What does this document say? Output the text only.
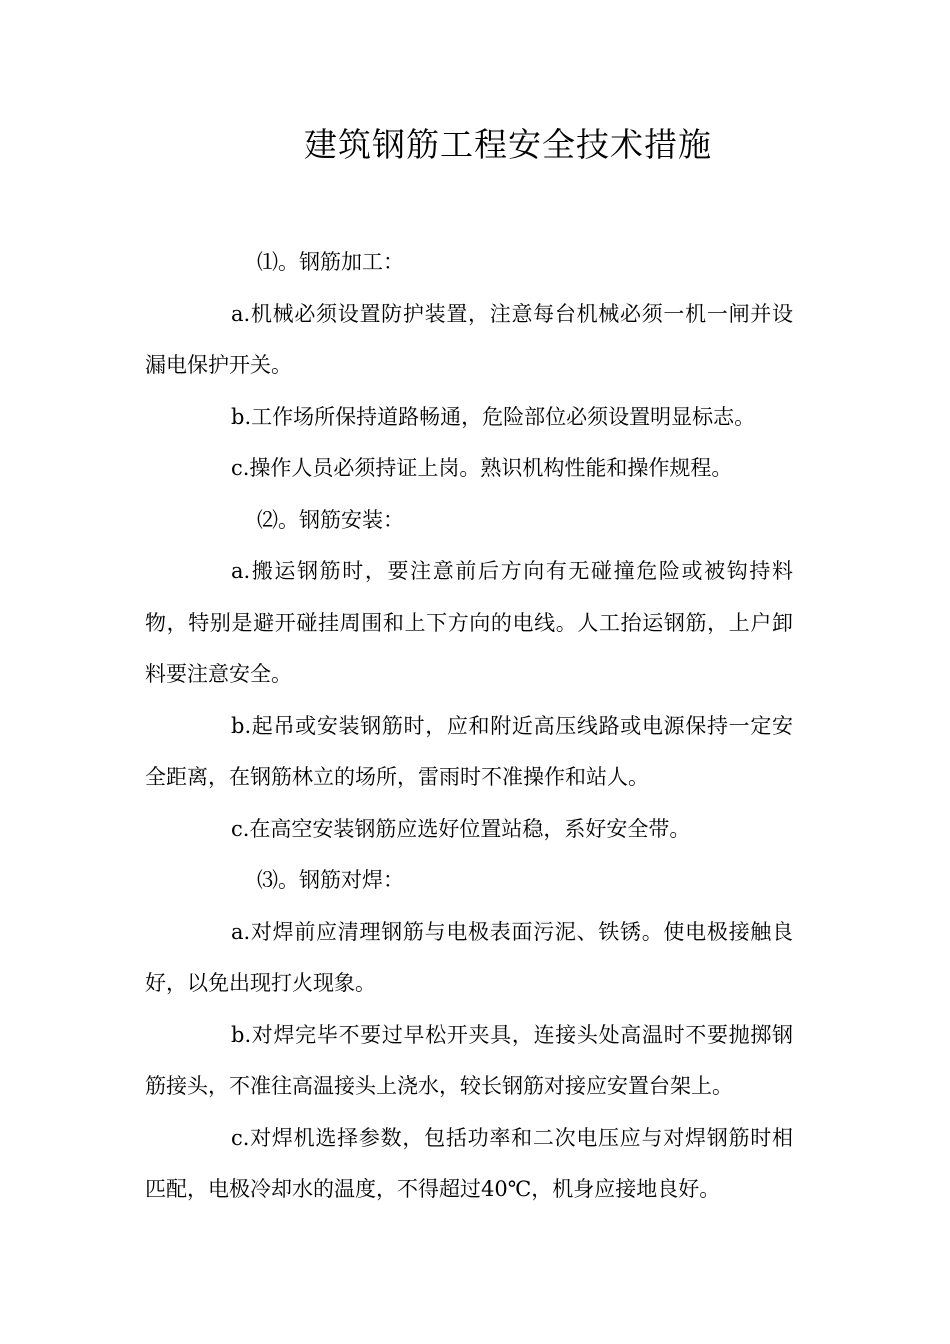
建筑钢筋工程安全技术措施

⑴。钢筋加工：

a.机械必须设置防护装置，注意每台机械必须一机一闸并设漏电保护开关。

b.工作场所保持道路畅通，危险部位必须设置明显标志。

c.操作人员必须持证上岗。熟识机构性能和操作规程。

⑵。钢筋安装：

a.搬运钢筋时，要注意前后方向有无碰撞危险或被钩持料物，特别是避开碰挂周围和上下方向的电线。人工抬运钢筋，上户卸料要注意安全。

b.起吊或安装钢筋时，应和附近高压线路或电源保持一定安全距离，在钢筋林立的场所，雷雨时不准操作和站人。

c.在高空安装钢筋应选好位置站稳，系好安全带。

⑶。钢筋对焊：

a.对焊前应清理钢筋与电极表面污泥、铁锈。使电极接触良好，以免出现打火现象。

b.对焊完毕不要过早松开夹具，连接头处高温时不要抛掷钢筋接头，不准往高温接头上浇水，较长钢筋对接应安置台架上。

c.对焊机选择参数，包括功率和二次电压应与对焊钢筋时相匹配，电极冷却水的温度，不得超过40℃，机身应接地良好。
